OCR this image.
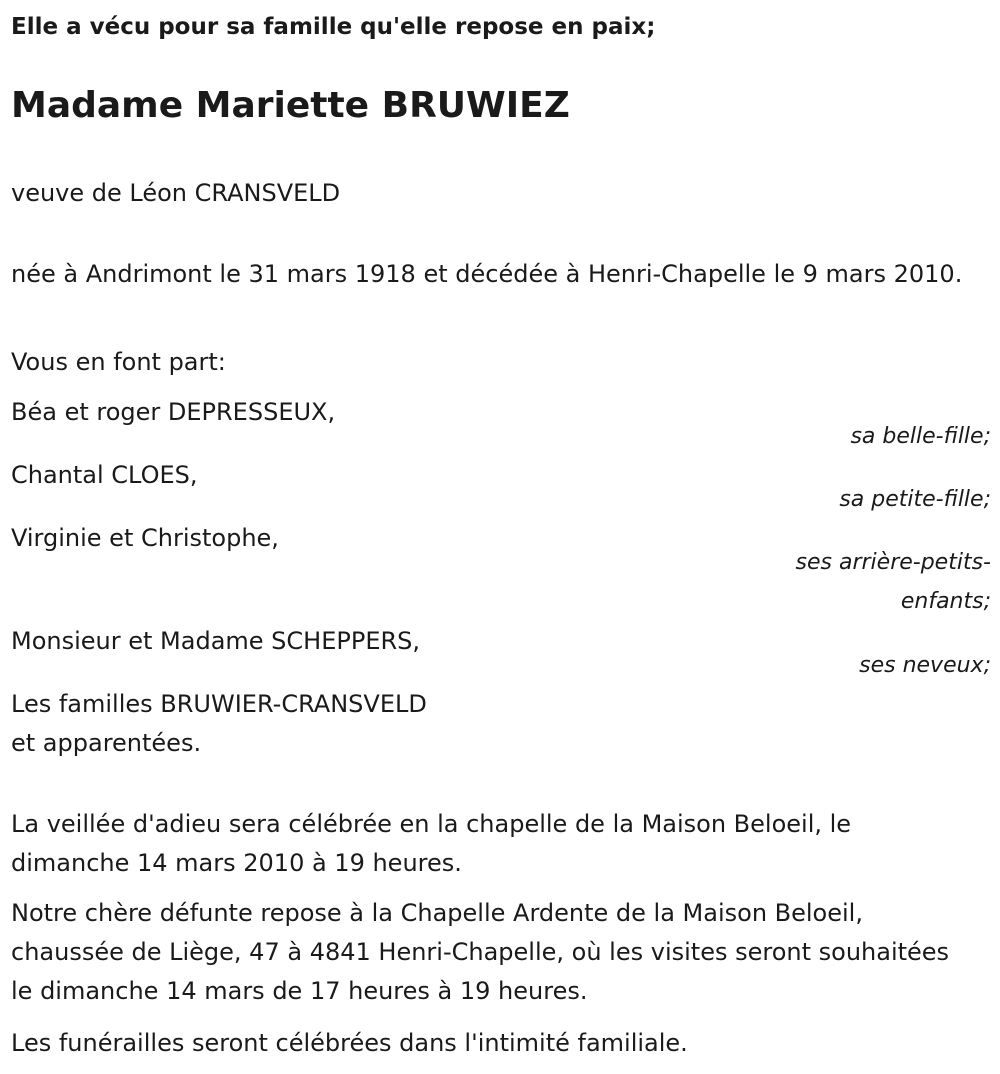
Elle a vécu pour sa famille qu'elle repose en paix;
Madame Mariette BRUWIEZ
veuve de Léon CRANSVELD
née à Andrimont le 31 mars 1918 et décédée à Henri-Chapelle le 9 mars 2010.
Vous en font part:
Béa et roger DEPRESSEUX,
sa belle-fille;
Chantal CLOES,
sa petite-fille;
Virginie et Christophe,
ses arrière-petits-
enfants;
Monsieur et Madame SCHEPPERS,
ses neveux;
Les familles BRUWIER-CRANSVELD
et apparentées.
La veillée d'adieu sera célébrée en la chapelle de la Maison Beloeil, le dimanche 14 mars 2010 à 19 heures.
Notre chère défunte repose à la Chapelle Ardente de la Maison Beloeil, chaussée de Liège, 47 à 4841 Henri-Chapelle, où les visites seront souhaitées le dimanche 14 mars de 17 heures à 19 heures.
Les funérailles seront célébrées dans l'intimité familiale.
